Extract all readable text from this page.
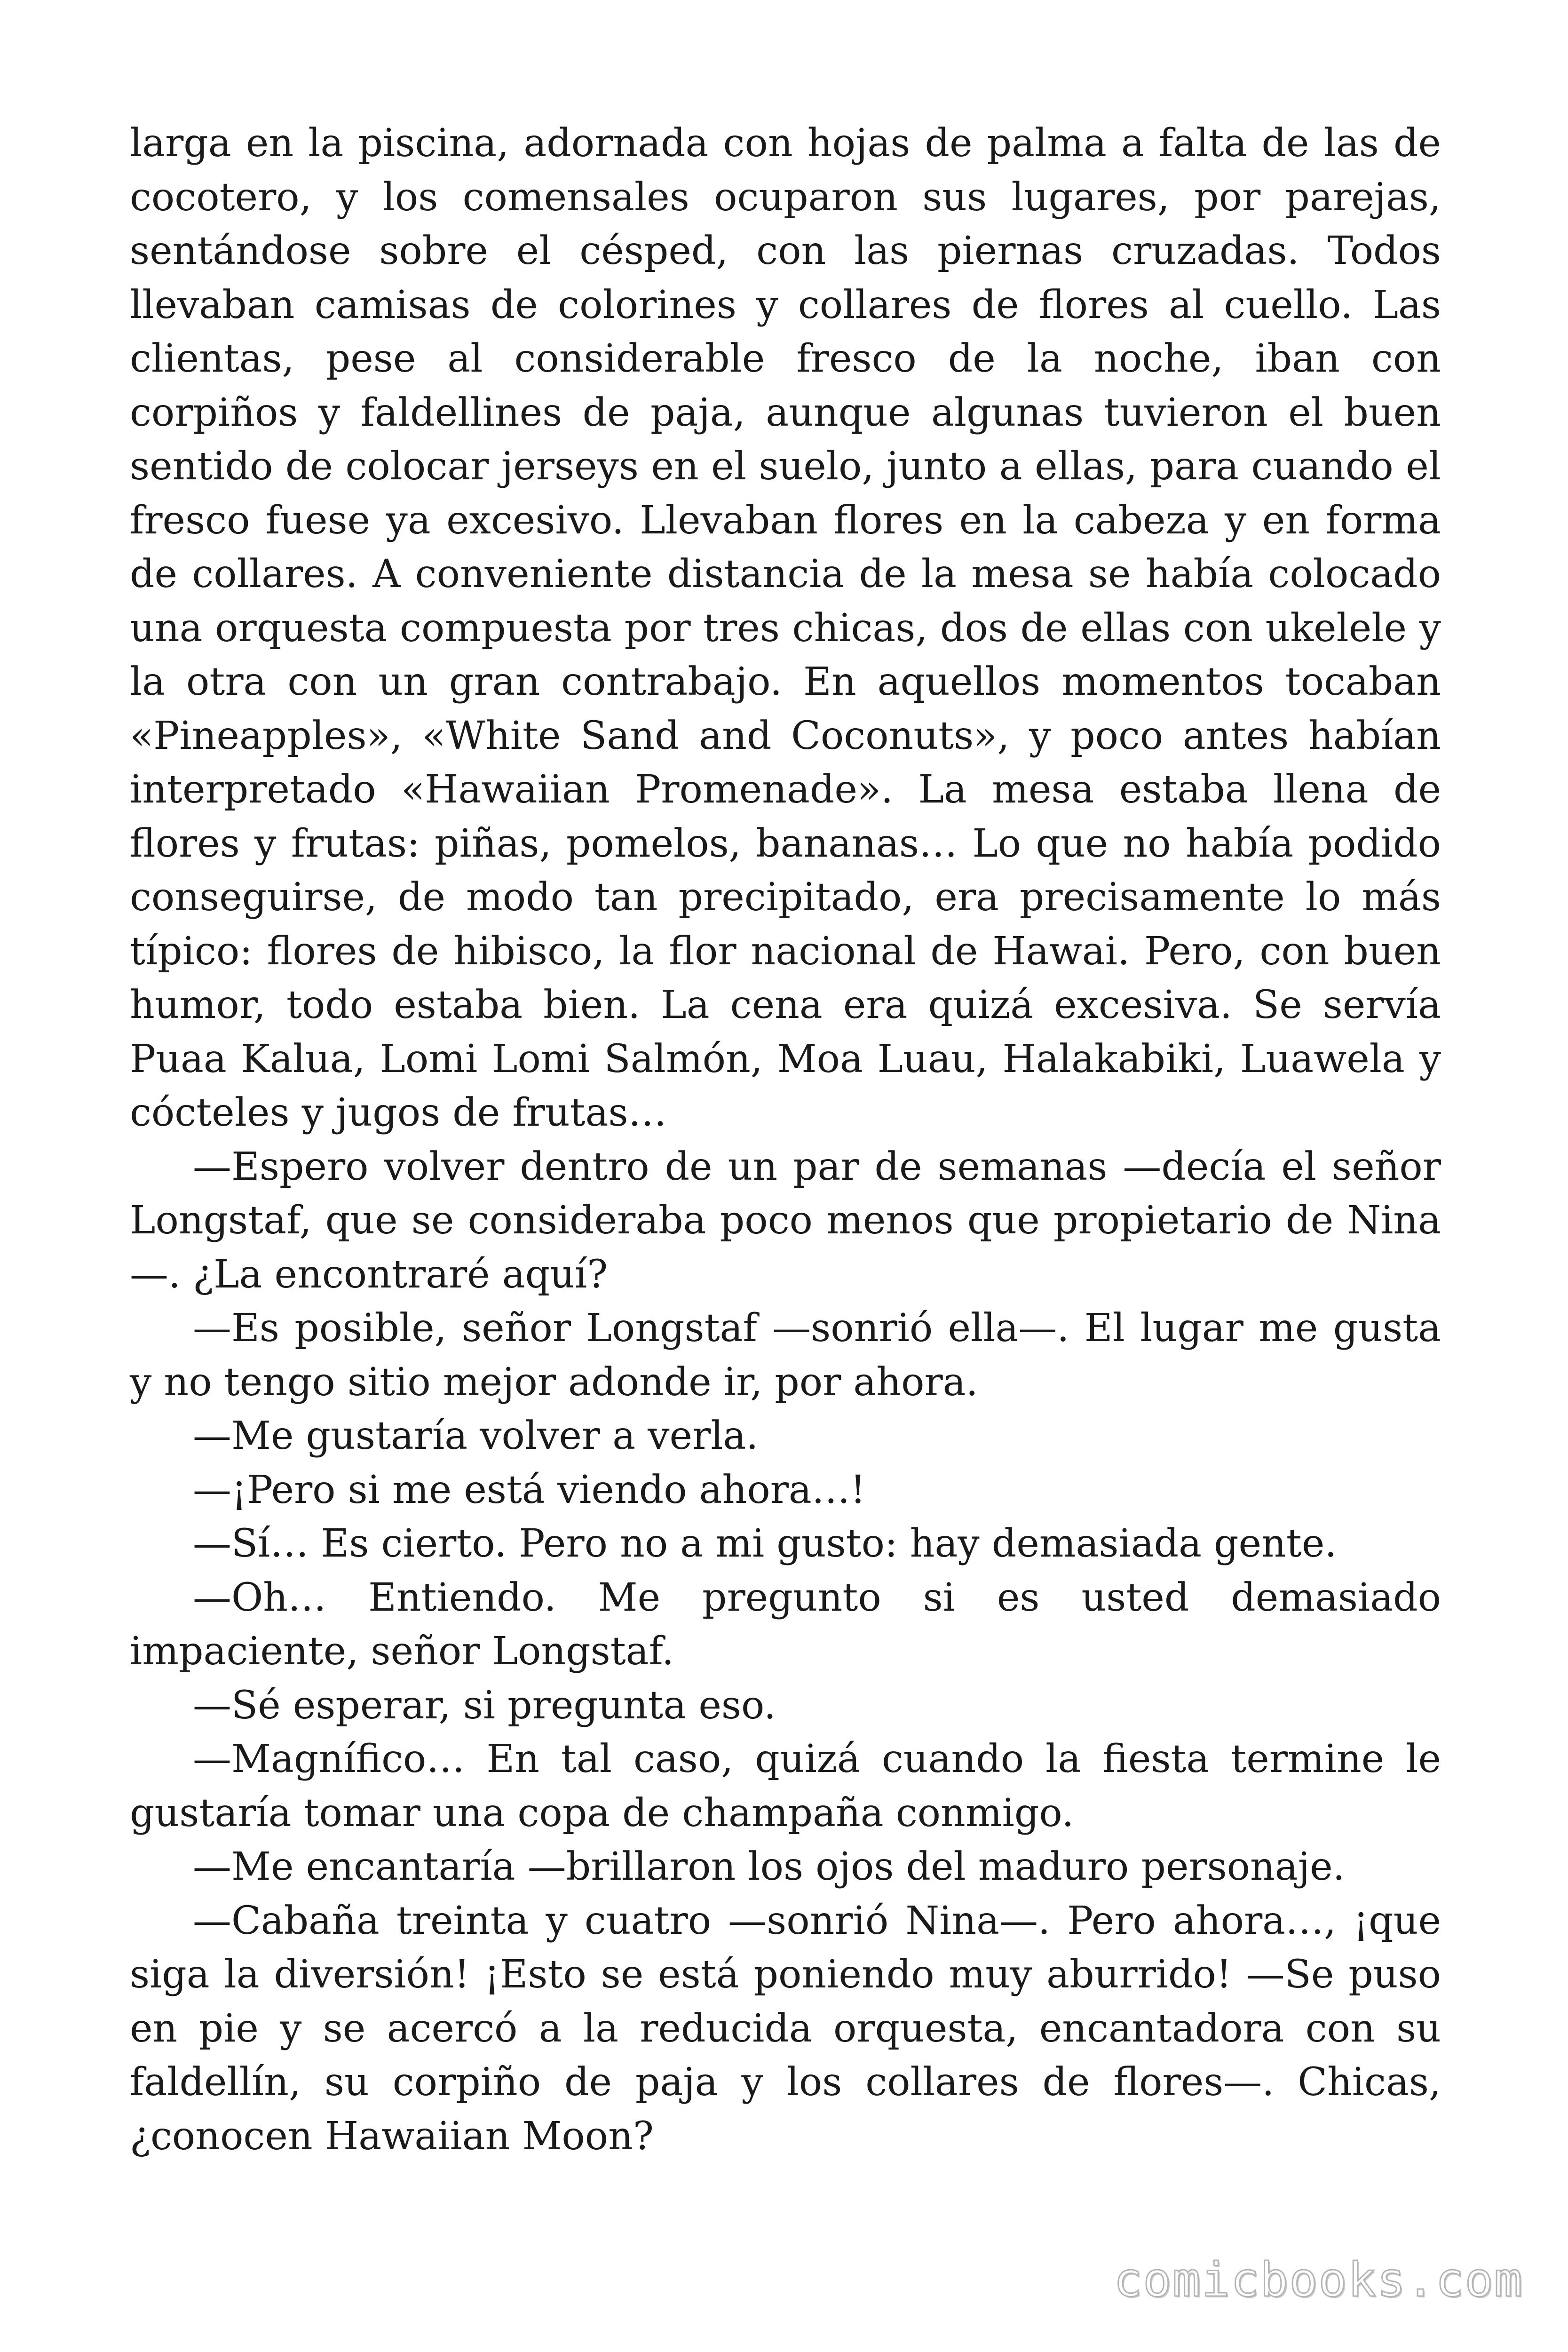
larga en la piscina, adornada con hojas de palma a falta de las de cocotero, y los comensales ocuparon sus lugares, por parejas, sentándose sobre el césped, con las piernas cruzadas. Todos llevaban camisas de colorines y collares de flores al cuello. Las clientas, pese al considerable fresco de la noche, iban con corpiños y faldellines de paja, aunque algunas tuvieron el buen sentido de colocar jerseys en el suelo, junto a ellas, para cuando el fresco fuese ya excesivo. Llevaban flores en la cabeza y en forma de collares. A conveniente distancia de la mesa se había colocado una orquesta compuesta por tres chicas, dos de ellas con ukelele y la otra con un gran contrabajo. En aquellos momentos tocaban «Pineapples», «White Sand and Coconuts», y poco antes habían interpretado «Hawaiian Promenade». La mesa estaba llena de flores y frutas: piñas, pomelos, bananas… Lo que no había podido conseguirse, de modo tan precipitado, era precisamente lo más típico: flores de hibisco, la flor nacional de Hawai. Pero, con buen humor, todo estaba bien. La cena era quizá excesiva. Se servía Puaa Kalua, Lomi Lomi Salmón, Moa Luau, Halakabiki, Luawela y cócteles y jugos de frutas…

—Espero volver dentro de un par de semanas —decía el señor Longstaf, que se consideraba poco menos que propietario de Nina —. ¿La encontraré aquí?

—Es posible, señor Longstaf —sonrió ella—. El lugar me gusta y no tengo sitio mejor adonde ir, por ahora.

—Me gustaría volver a verla.

—¡Pero si me está viendo ahora…!

—Sí… Es cierto. Pero no a mi gusto: hay demasiada gente.

—Oh… Entiendo. Me pregunto si es usted demasiado impaciente, señor Longstaf.

—Sé esperar, si pregunta eso.

—Magnífico… En tal caso, quizá cuando la fiesta termine le gustaría tomar una copa de champaña conmigo.

—Me encantaría —brillaron los ojos del maduro personaje.

—Cabaña treinta y cuatro —sonrió Nina—. Pero ahora…, ¡que siga la diversión! ¡Esto se está poniendo muy aburrido! —Se puso en pie y se acercó a la reducida orquesta, encantadora con su faldellín, su corpiño de paja y los collares de flores—. Chicas, ¿conocen Hawaiian Moon?

comicbooks.com
